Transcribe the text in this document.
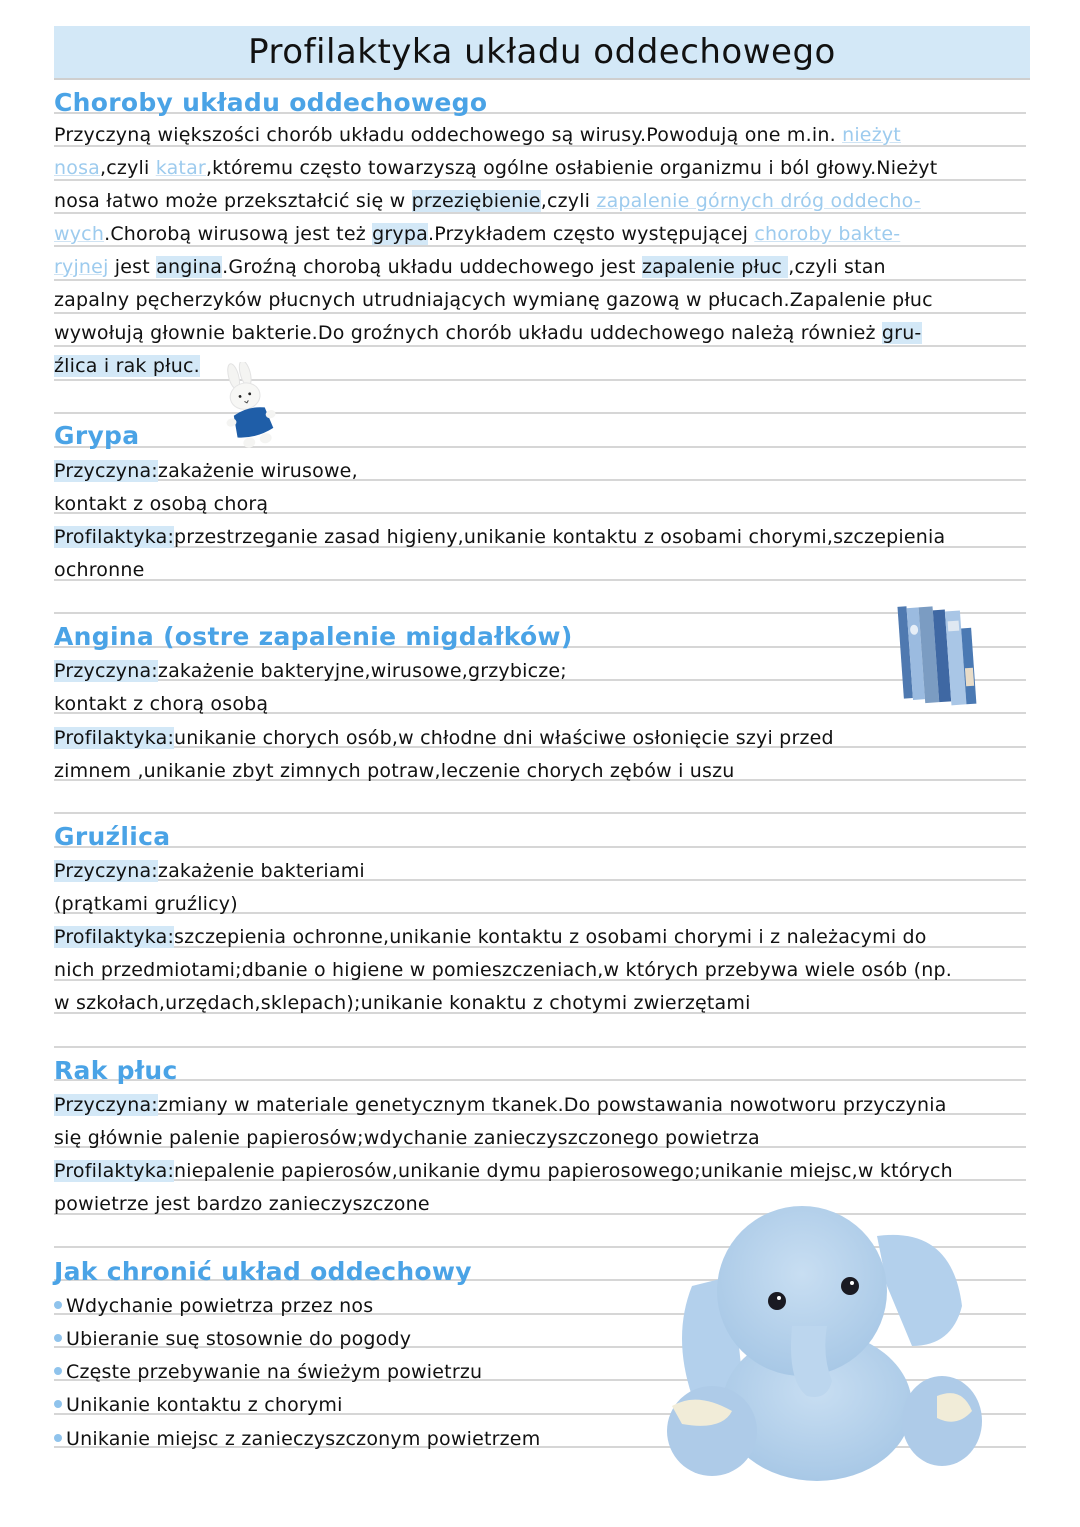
Profilaktyka układu oddechowego
Choroby układu oddechowego
Przyczyną większości chorób układu oddechowego są wirusy.Powodują one m.in. nieżyt
nosa,czyli katar,któremu często towarzyszą ogólne osłabienie organizmu i ból głowy.Nieżyt
nosa łatwo może przekształcić się w przeziębienie,czyli zapalenie górnych dróg oddecho-
wych.Chorobą wirusową jest też grypa.Przykładem często występującej choroby bakte-
ryjnej jest angina.Groźną chorobą układu uddechowego jest zapalenie płuc ,czyli stan
zapalny pęcherzyków płucnych utrudniających wymianę gazową w płucach.Zapalenie płuc
wywołują głownie bakterie.Do groźnych chorób układu uddechowego należą również gru-
źlica i rak płuc.
Grypa
Przyczyna:zakażenie wirusowe,
kontakt z osobą chorą
Profilaktyka:przestrzeganie zasad higieny,unikanie kontaktu z osobami chorymi,szczepienia
ochronne
Angina (ostre zapalenie migdałków)
Przyczyna:zakażenie bakteryjne,wirusowe,grzybicze;
kontakt z chorą osobą
Profilaktyka:unikanie chorych osób,w chłodne dni właściwe osłonięcie szyi przed
zimnem ,unikanie zbyt zimnych potraw,leczenie chorych zębów i uszu
Gruźlica
Przyczyna:zakażenie bakteriami
(prątkami gruźlicy)
Profilaktyka:szczepienia ochronne,unikanie kontaktu z osobami chorymi i z należacymi do
nich przedmiotami;dbanie o higiene w pomieszczeniach,w których przebywa wiele osób (np.
w szkołach,urzędach,sklepach);unikanie konaktu z chotymi zwierzętami
Rak płuc
Przyczyna:zmiany w materiale genetycznym tkanek.Do powstawania nowotworu przyczynia
się głównie palenie papierosów;wdychanie zanieczyszczonego powietrza
Profilaktyka:niepalenie papierosów,unikanie dymu papierosowego;unikanie miejsc,w których
powietrze jest bardzo zanieczyszczone
Jak chronić układ oddechowy
Wdychanie powietrza przez nos
Ubieranie suę stosownie do pogody
Częste przebywanie na świeżym powietrzu
Unikanie kontaktu z chorymi
Unikanie miejsc z zanieczyszczonym powietrzem
